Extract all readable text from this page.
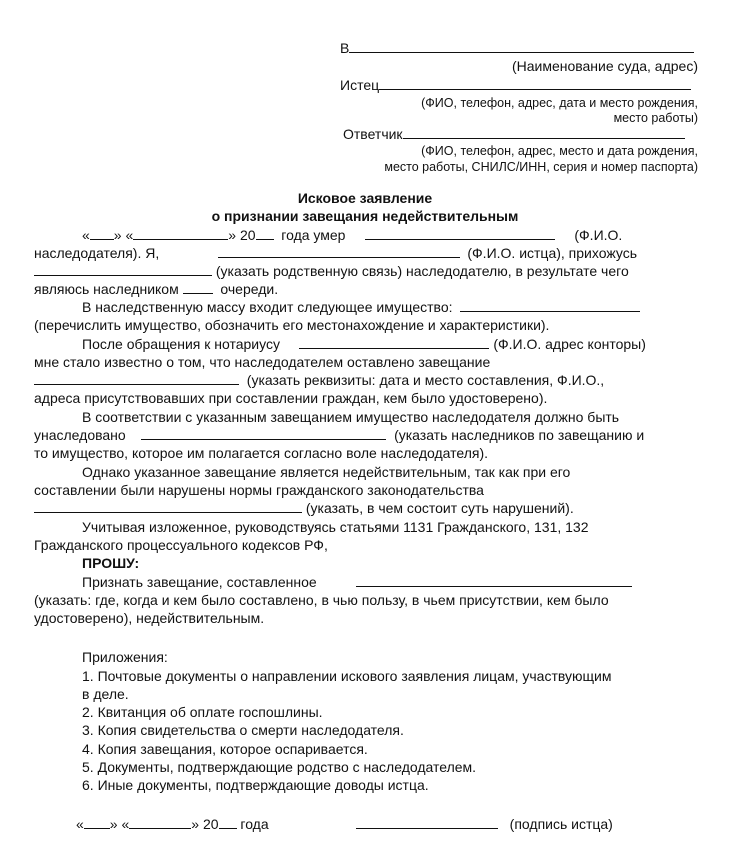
В
(Наименование суда, адрес)
Истец
(ФИО, телефон, адрес, дата и место рождения,
место работы)
Ответчик
(ФИО, телефон, адрес, место и дата рождения,
место работы, СНИЛС/ИНН, серия и номер паспорта)
Исковое заявление
о признании завещания недействительным
« » «	» 20 года умер	(Ф.И.О.
наследодателя). Я,	(Ф.И.О. истца), прихожусь
(указать родственную связь) наследодателю, в результате чего
являюсь наследником	очереди.
В наследственную массу входит следующее имущество:
(перечислить имущество, обозначить его местонахождение и характеристики).
После обращения к нотариусу	(Ф.И.О. адрес конторы)
мне стало известно о том, что наследодателем оставлено завещание
(указать реквизиты: дата и место составления, Ф.И.О.,
адреса присутствовавших при составлении граждан, кем было удостоверено).
В соответствии с указанным завещанием имущество наследодателя должно быть
унаследовано	(указать наследников по завещанию и
то имущество, которое им полагается согласно воле наследодателя).
Однако указанное завещание является недействительным, так как при его
составлении были нарушены нормы гражданского законодательства
(указать, в чем состоит суть нарушений).
Учитывая изложенное, руководствуясь статьями 1131 Гражданского, 131, 132
Гражданского процессуального кодексов РФ,
ПРОШУ:
Признать завещание, составленное
(указать: где, когда и кем было составлено, в чью пользу, в чьем присутствии, кем было
удостоверено), недействительным.
Приложения:
1. Почтовые документы о направлении искового заявления лицам, участвующим
в деле.
2. Квитанция об оплате госпошлины.
3. Копия свидетельства о смерти наследодателя.
4. Копия завещания, которое оспаривается.
5. Документы, подтверждающие родство с наследодателем.
6. Иные документы, подтверждающие доводы истца.
« » «	» 20 года	(подпись истца)
